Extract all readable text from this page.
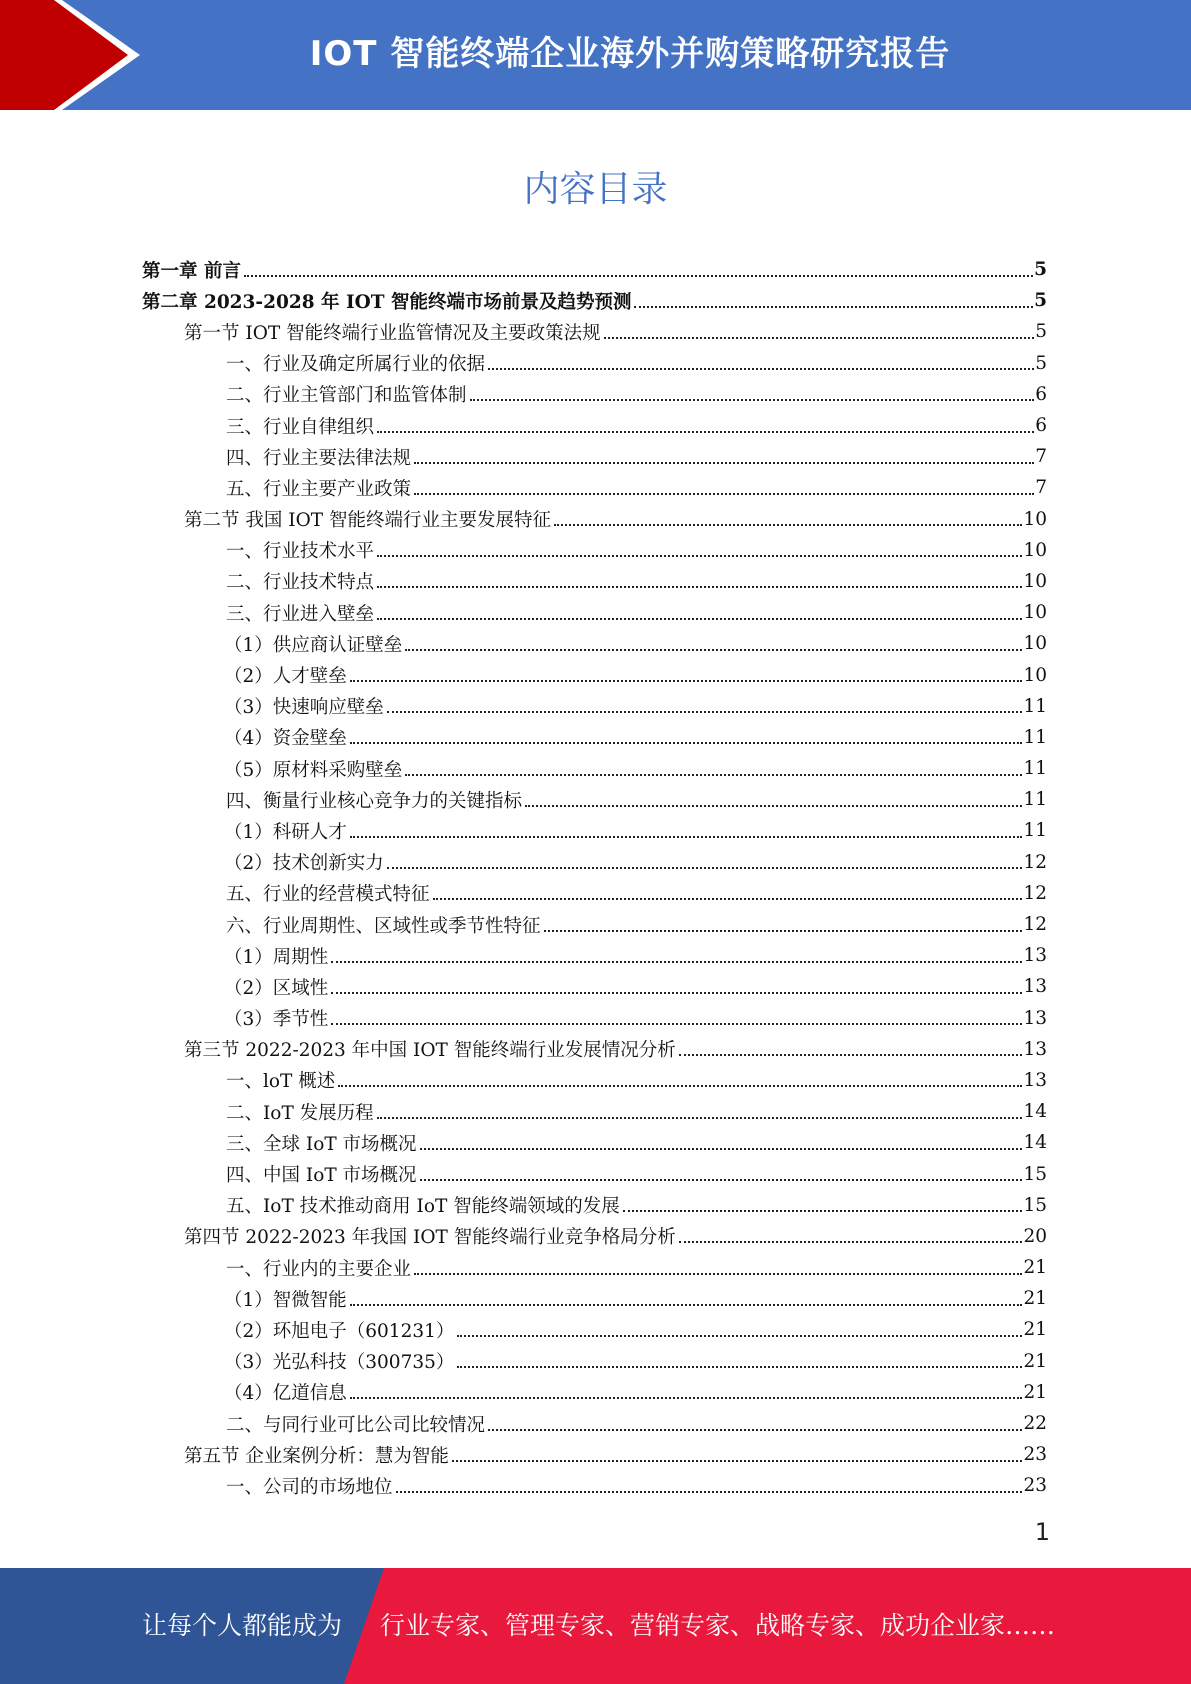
IOT 智能终端企业海外并购策略研究报告
内容目录
第一章 前言	5
第二章 2023-2028 年 IOT 智能终端市场前景及趋势预测	5
第一节 IOT 智能终端行业监管情况及主要政策法规	5
一、行业及确定所属行业的依据	5
二、行业主管部门和监管体制	6
三、行业自律组织	6
四、行业主要法律法规	7
五、行业主要产业政策	7
第二节 我国 IOT 智能终端行业主要发展特征	10
一、行业技术水平	10
二、行业技术特点	10
三、行业进入壁垒	10
（1）供应商认证壁垒	10
（2）人才壁垒	10
（3）快速响应壁垒	11
（4）资金壁垒	11
（5）原材料采购壁垒	11
四、衡量行业核心竞争力的关键指标	11
（1）科研人才	11
（2）技术创新实力	12
五、行业的经营模式特征	12
六、行业周期性、区域性或季节性特征	12
（1）周期性	13
（2）区域性	13
（3）季节性	13
第三节 2022-2023 年中国 IOT 智能终端行业发展情况分析	13
一、loT 概述	13
二、IoT 发展历程	14
三、全球 IoT 市场概况	14
四、中国 IoT 市场概况	15
五、IoT 技术推动商用 IoT 智能终端领域的发展	15
第四节 2022-2023 年我国 IOT 智能终端行业竞争格局分析	20
一、行业内的主要企业	21
（1）智微智能	21
（2）环旭电子（601231）	21
（3）光弘科技（300735）	21
（4）亿道信息	21
二、与同行业可比公司比较情况	22
第五节 企业案例分析：慧为智能	23
一、公司的市场地位	23
1
让每个人都能成为	行业专家、管理专家、营销专家、战略专家、成功企业家……
